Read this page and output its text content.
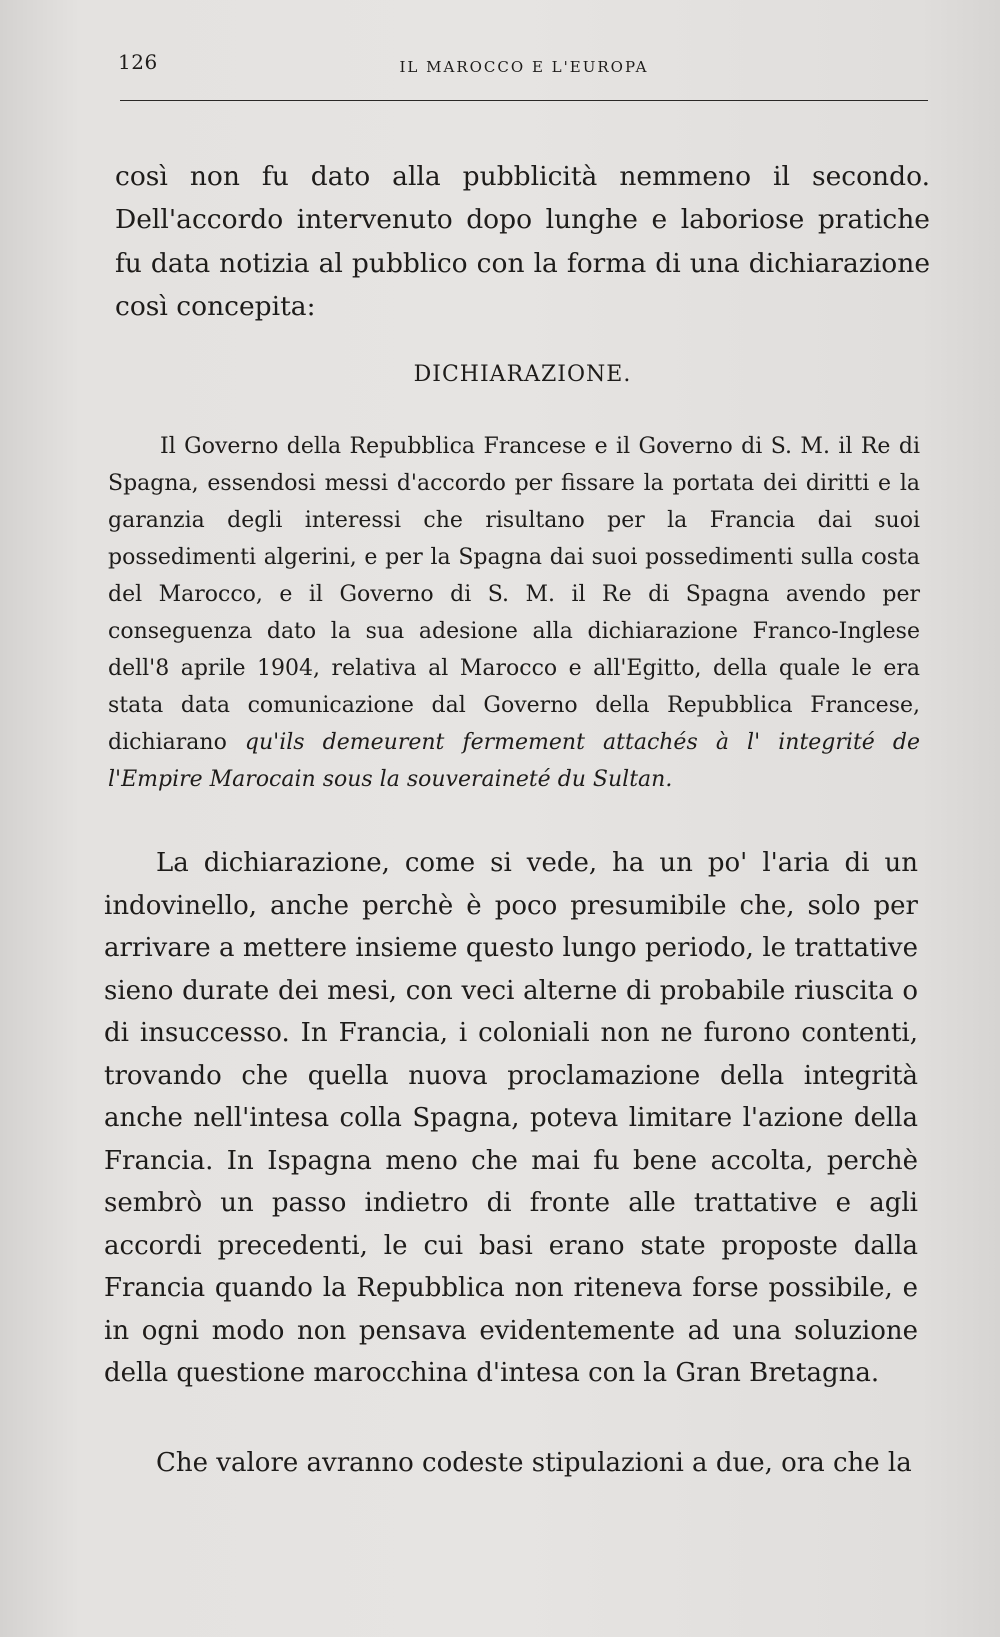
126	IL MAROCCO E L'EUROPA

così non fu dato alla pubblicità nemmeno il secondo. Dell'accordo intervenuto dopo lunghe e laboriose pratiche fu data notizia al pubblico con la forma di una dichiarazione così concepita:

DICHIARAZIONE.
Il Governo della Repubblica Francese e il Governo di S. M. il Re di Spagna, essendosi messi d'accordo per fissare la portata dei diritti e la garanzia degli interessi che risultano per la Francia dai suoi possedimenti algerini, e per la Spagna dai suoi possedimenti sulla costa del Marocco, e il Governo di S. M. il Re di Spagna avendo per conseguenza dato la sua adesione alla dichiarazione Franco-Inglese dell'8 aprile 1904, relativa al Marocco e all'Egitto, della quale le era stata data comunicazione dal Governo della Repubblica Francese, dichiarano qu'ils demeurent fermement attachés à l' integrité de l'Empire Marocain sous la souveraineté du Sultan.
La dichiarazione, come si vede, ha un po' l'aria di un indovinello, anche perchè è poco presumibile che, solo per arrivare a mettere insieme questo lungo periodo, le trattative sieno durate dei mesi, con veci alterne di probabile riuscita o di insuccesso. In Francia, i coloniali non ne furono contenti, trovando che quella nuova proclamazione della integrità anche nell'intesa colla Spagna, poteva limitare l'azione della Francia. In Ispagna meno che mai fu bene accolta, perchè sembrò un passo indietro di fronte alle trattative e agli accordi precedenti, le cui basi erano state proposte dalla Francia quando la Repubblica non riteneva forse possibile, e in ogni modo non pensava evidentemente ad una soluzione della questione marocchina d'intesa con la Gran Bretagna.
Che valore avranno codeste stipulazioni a due, ora che la
